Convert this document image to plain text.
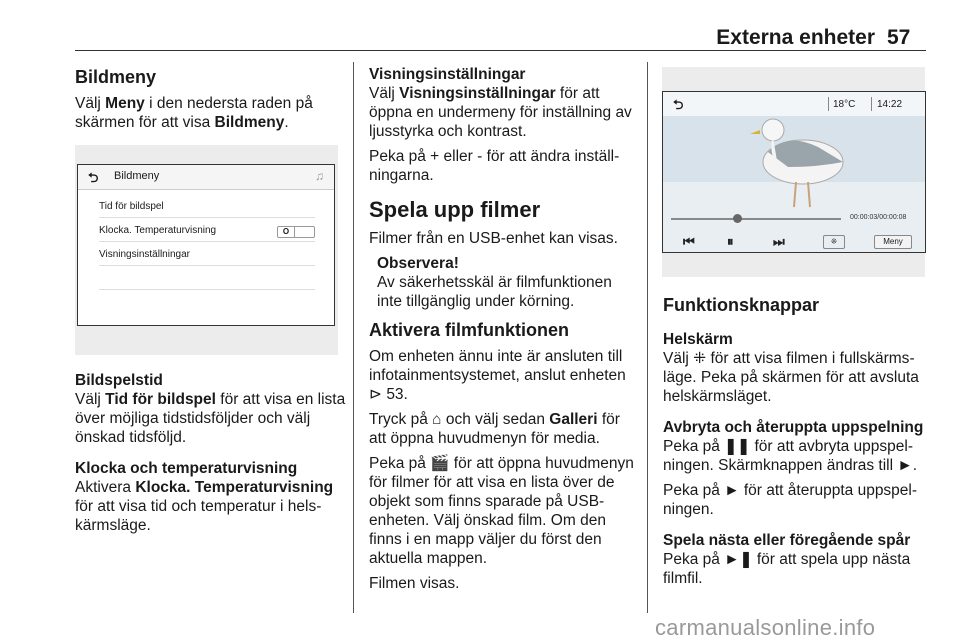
Externa enheter 57

Bildmeny

Välj Meny i den nedersta raden på skärmen för att visa Bildmeny.

⮌ Bildmeny	♫
Tid för bildspel
Klocka. Temperaturvisning	O
Visningsinställningar

Bildspelstid

Välj Tid för bildspel för att visa en lista över möjliga tidstidsföljder och välj önskad tidsföljd.

Klocka och temperaturvisning

Aktivera Klocka. Temperaturvisning för att visa tid och temperatur i helskärmsläge.

Visningsinställningar

Välj Visningsinställningar för att öppna en undermeny för inställning av ljusstyrka och kontrast.

Peka på + eller - för att ändra inställningarna.

Spela upp filmer

Filmer från en USB-enhet kan visas.

Observera!

Av säkerhetsskäl är filmfunktionen inte tillgänglig under körning.

Aktivera filmfunktionen

Om enheten ännu inte är ansluten till infotainmentsystemet, anslut enheten ⊳ 53.

Tryck på ⌂ och välj sedan Galleri för att öppna huvudmenyn för media.

Peka på 🎬 för att öppna huvudmenyn för filmer för att visa en lista över de objekt som finns sparade på USB-enheten. Välj önskad film. Om den finns i en mapp väljer du först den aktuella mappen.

Filmen visas.

⮌	18°C 14:22
00:00:03/00:00:08
⏮ ⏸	⏭	⁜	Meny

Funktionsknappar

Helskärm

Välj ⁜ för att visa filmen i fullskärmsläge. Peka på skärmen för att avsluta helskärmsläget.

Avbryta och återuppta uppspelning

Peka på ❚❚ för att avbryta uppspelningen. Skärmknappen ändras till ►.

Peka på ► för att återuppta uppspelningen.

Spela nästa eller föregående spår

Peka på ►❚ för att spela upp nästa filmfil.

carmanualsonline.info
